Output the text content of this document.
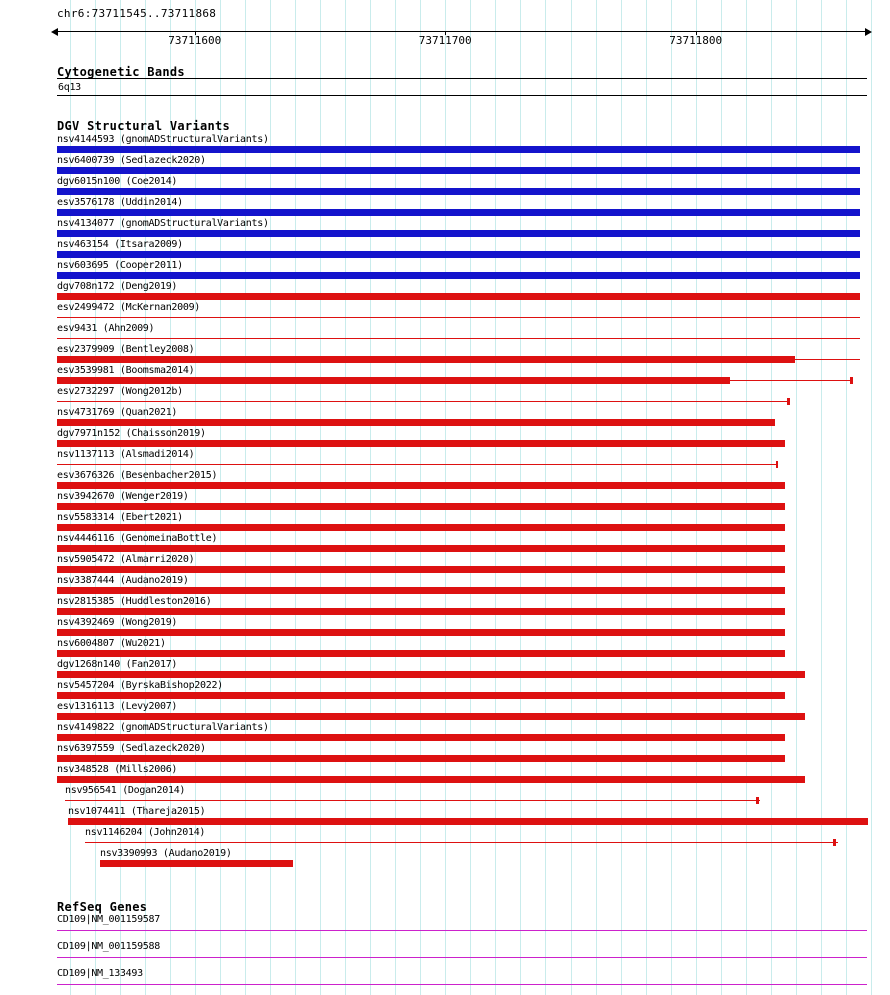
chr6:73711545..73711868
73711600	73711700	73711800
Cytogenetic Bands
6q13
DGV Structural Variants
nsv4144593 (gnomADStructuralVariants)
nsv6400739 (Sedlazeck2020)
dgv6015n100 (Coe2014)
esv3576178 (Uddin2014)
nsv4134077 (gnomADStructuralVariants)
nsv463154 (Itsara2009)
nsv603695 (Cooper2011)
dgv708n172 (Deng2019)
esv2499472 (McKernan2009)
esv9431 (Ahn2009)
esv2379909 (Bentley2008)
esv3539981 (Boomsma2014)
esv2732297 (Wong2012b)
nsv4731769 (Quan2021)
dgv7971n152 (Chaisson2019)
nsv1137113 (Alsmadi2014)
esv3676326 (Besenbacher2015)
nsv3942670 (Wenger2019)
nsv5583314 (Ebert2021)
nsv4446116 (GenomeinaBottle)
nsv5905472 (Almarri2020)
nsv3387444 (Audano2019)
nsv2815385 (Huddleston2016)
nsv4392469 (Wong2019)
nsv6004807 (Wu2021)
dgv1268n140 (Fan2017)
nsv5457204 (ByrskaBishop2022)
esv1316113 (Levy2007)
nsv4149822 (gnomADStructuralVariants)
nsv6397559 (Sedlazeck2020)
nsv348528 (Mills2006)
nsv956541 (Dogan2014)
nsv1074411 (Thareja2015)
nsv1146204 (John2014)
nsv3390993 (Audano2019)
RefSeq Genes
CD109|NM_001159587
CD109|NM_001159588
CD109|NM_133493
